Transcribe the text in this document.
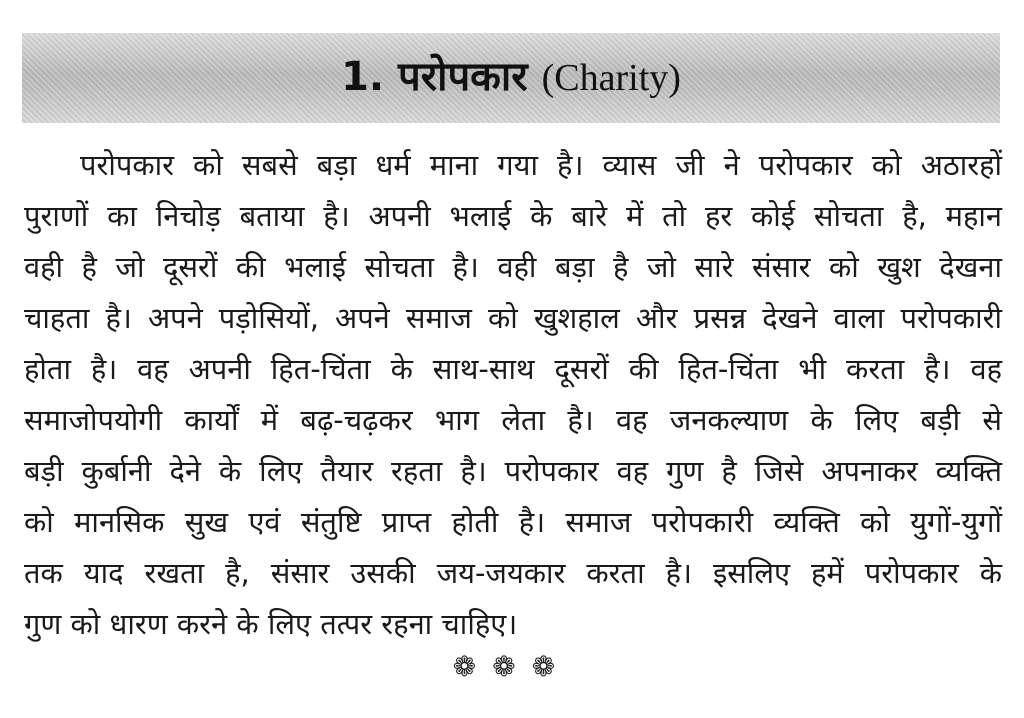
1. परोपकार (Charity)
परोपकार को सबसे बड़ा धर्म माना गया है। व्यास जी ने परोपकार को अठारहों
पुराणों का निचोड़ बताया है। अपनी भलाई के बारे में तो हर कोई सोचता है, महान
वही है जो दूसरों की भलाई सोचता है। वही बड़ा है जो सारे संसार को खुश देखना
चाहता है। अपने पड़ोसियों, अपने समाज को खुशहाल और प्रसन्न देखने वाला परोपकारी
होता है। वह अपनी हित-चिंता के साथ-साथ दूसरों की हित-चिंता भी करता है। वह
समाजोपयोगी कार्यों में बढ़-चढ़कर भाग लेता है। वह जनकल्याण के लिए बड़ी से
बड़ी कुर्बानी देने के लिए तैयार रहता है। परोपकार वह गुण है जिसे अपनाकर व्यक्ति
को मानसिक सुख एवं संतुष्टि प्राप्त होती है। समाज परोपकारी व्यक्ति को युगों-युगों
तक याद रखता है, संसार उसकी जय-जयकार करता है। इसलिए हमें परोपकार के
गुण को धारण करने के लिए तत्पर रहना चाहिए।
❁❁❁
